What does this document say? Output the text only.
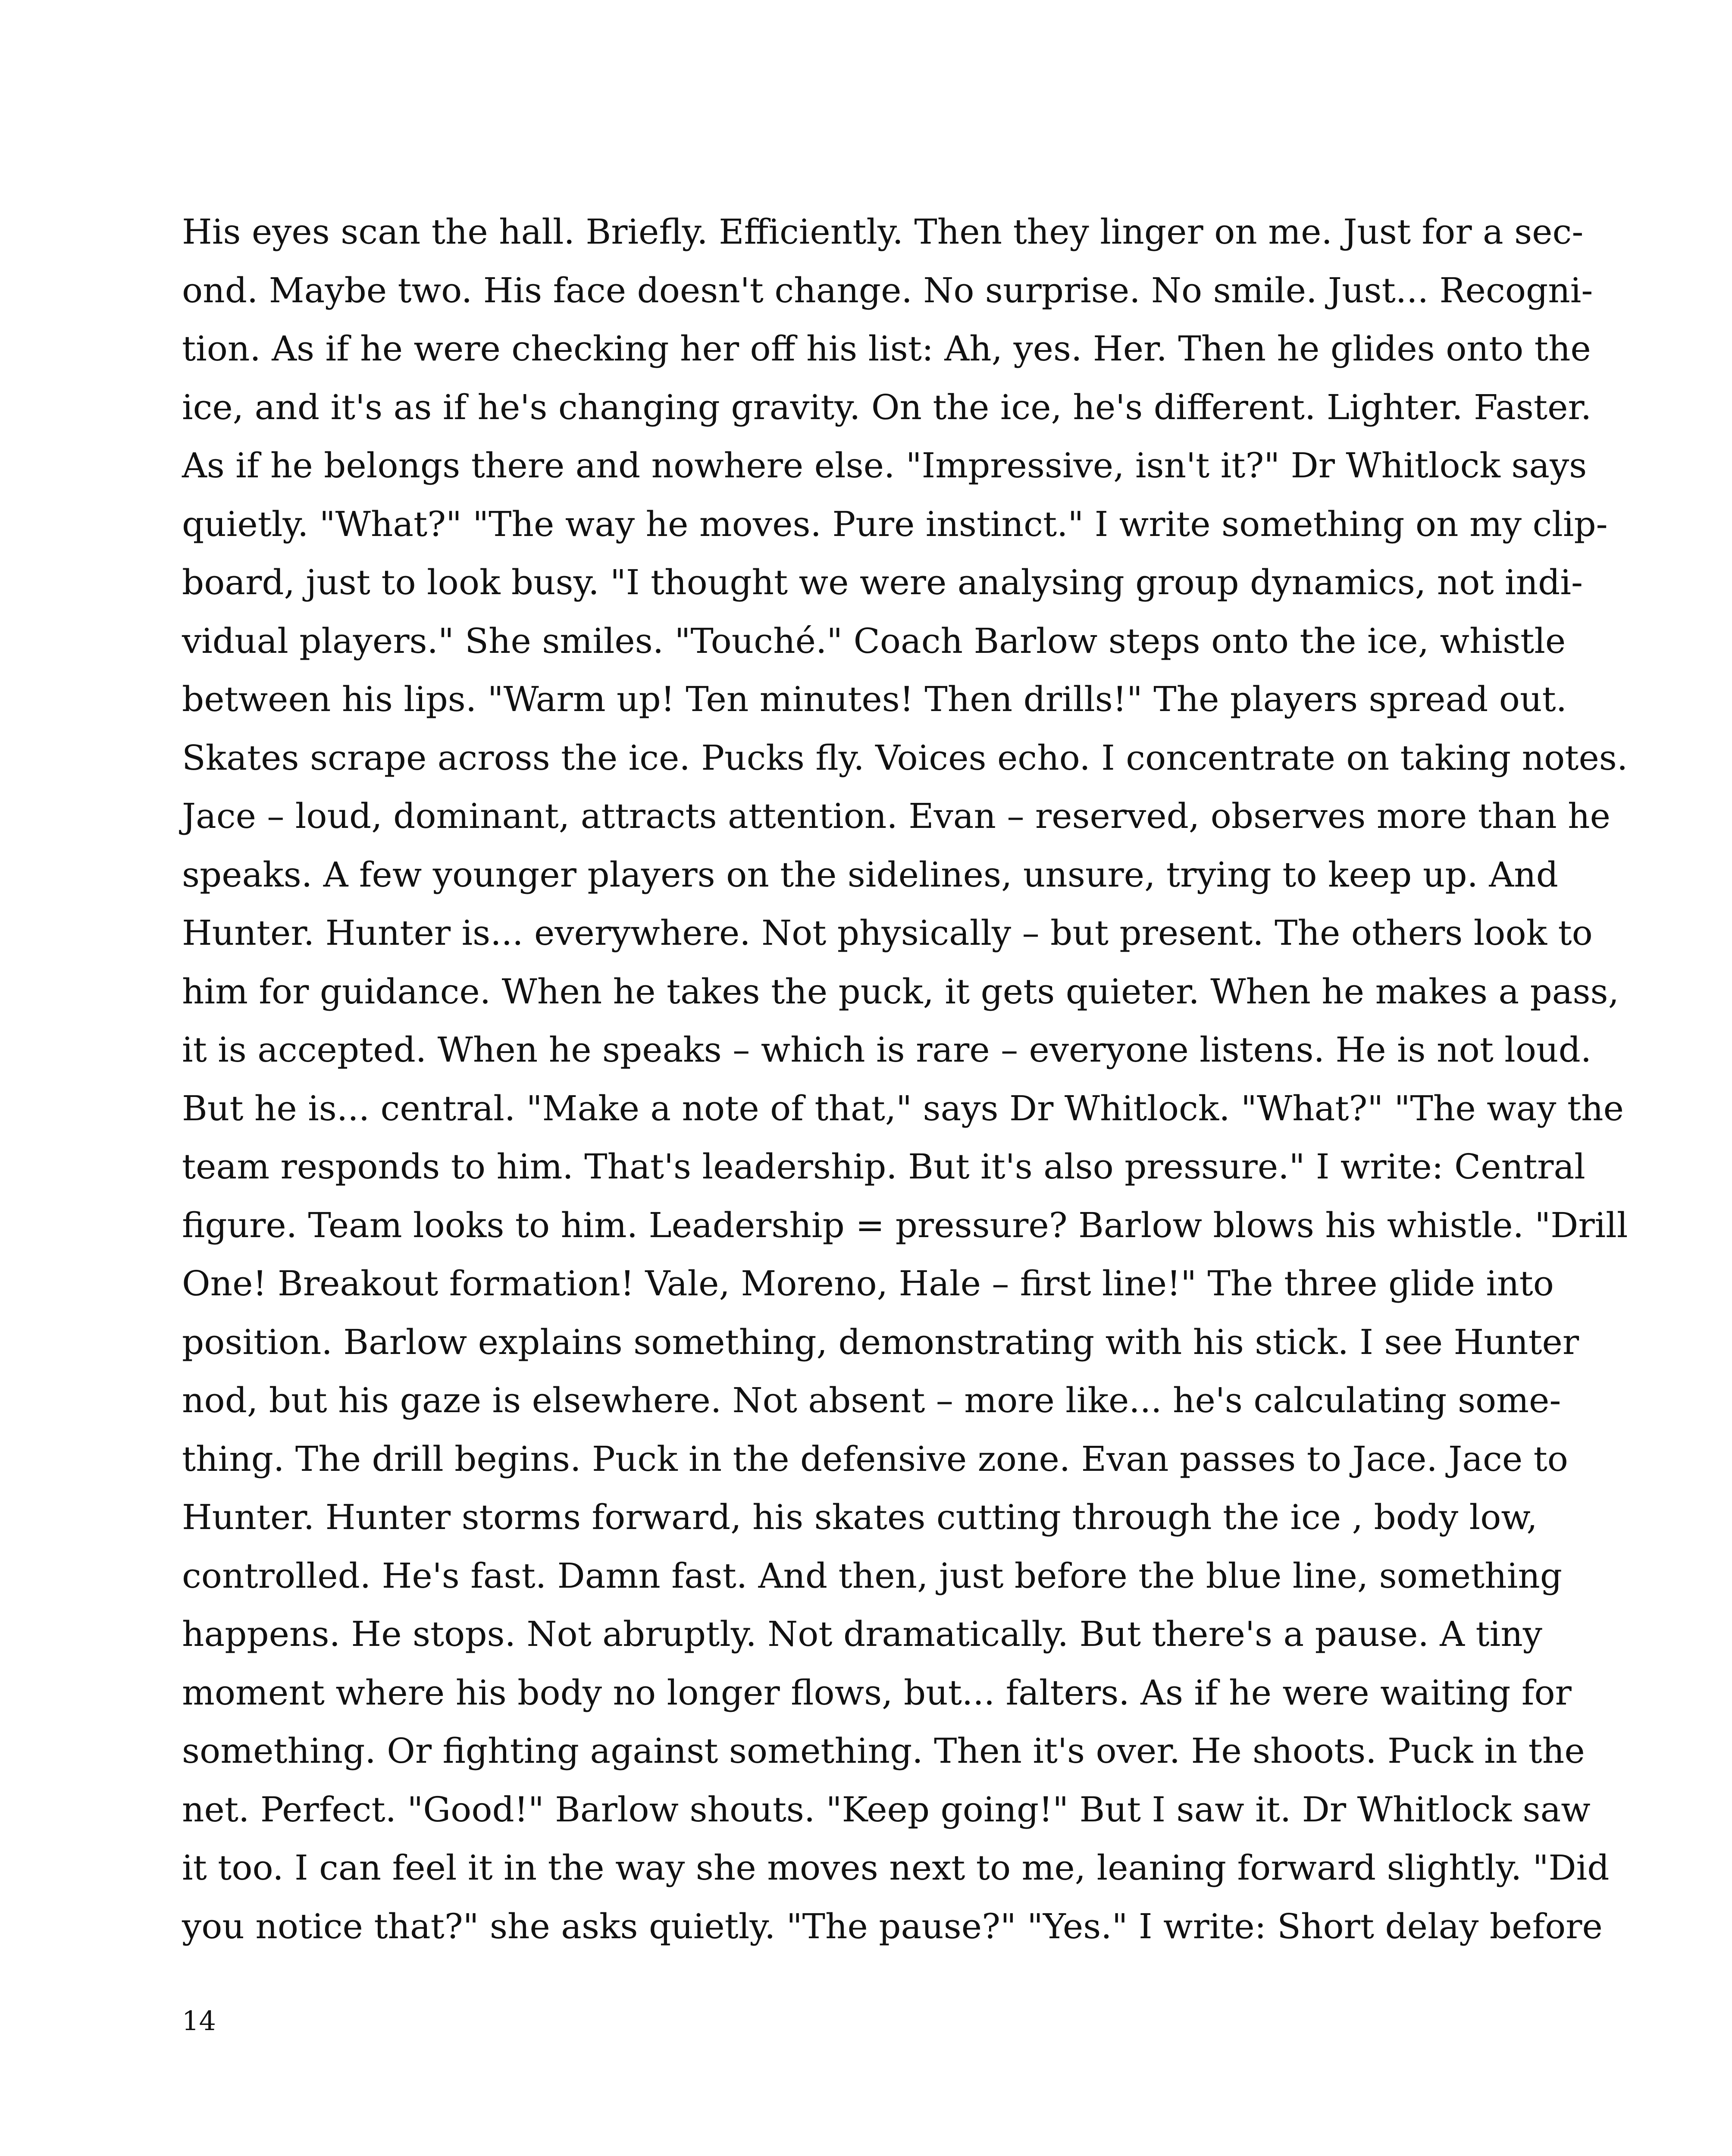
His eyes scan the hall. Briefly. Efficiently. Then they linger on me. Just for a sec-
ond. Maybe two. His face doesn't change. No surprise. No smile. Just... Recogni-
tion. As if he were checking her off his list: Ah, yes. Her. Then he glides onto the
ice, and it's as if he's changing gravity. On the ice, he's different. Lighter. Faster.
As if he belongs there and nowhere else. "Impressive, isn't it?" Dr Whitlock says
quietly. "What?" "The way he moves. Pure instinct." I write something on my clip-
board, just to look busy. "I thought we were analysing group dynamics, not indi-
vidual players." She smiles. "Touché." Coach Barlow steps onto the ice, whistle
between his lips. "Warm up! Ten minutes! Then drills!" The players spread out.
Skates scrape across the ice. Pucks fly. Voices echo. I concentrate on taking notes.
Jace – loud, dominant, attracts attention. Evan – reserved, observes more than he
speaks. A few younger players on the sidelines, unsure, trying to keep up. And
Hunter. Hunter is... everywhere. Not physically – but present. The others look to
him for guidance. When he takes the puck, it gets quieter. When he makes a pass,
it is accepted. When he speaks – which is rare – everyone listens. He is not loud.
But he is... central. "Make a note of that," says Dr Whitlock. "What?" "The way the
team responds to him. That's leadership. But it's also pressure." I write: Central
figure. Team looks to him. Leadership = pressure? Barlow blows his whistle. "Drill
One! Breakout formation! Vale, Moreno, Hale – first line!" The three glide into
position. Barlow explains something, demonstrating with his stick. I see Hunter
nod, but his gaze is elsewhere. Not absent – more like... he's calculating some-
thing. The drill begins. Puck in the defensive zone. Evan passes to Jace. Jace to
Hunter. Hunter storms forward, his skates cutting through the ice , body low,
controlled. He's fast. Damn fast. And then, just before the blue line, something
happens. He stops. Not abruptly. Not dramatically. But there's a pause. A tiny
moment where his body no longer flows, but... falters. As if he were waiting for
something. Or fighting against something. Then it's over. He shoots. Puck in the
net. Perfect. "Good!" Barlow shouts. "Keep going!" But I saw it. Dr Whitlock saw
it too. I can feel it in the way she moves next to me, leaning forward slightly. "Did
you notice that?" she asks quietly. "The pause?" "Yes." I write: Short delay before
14
